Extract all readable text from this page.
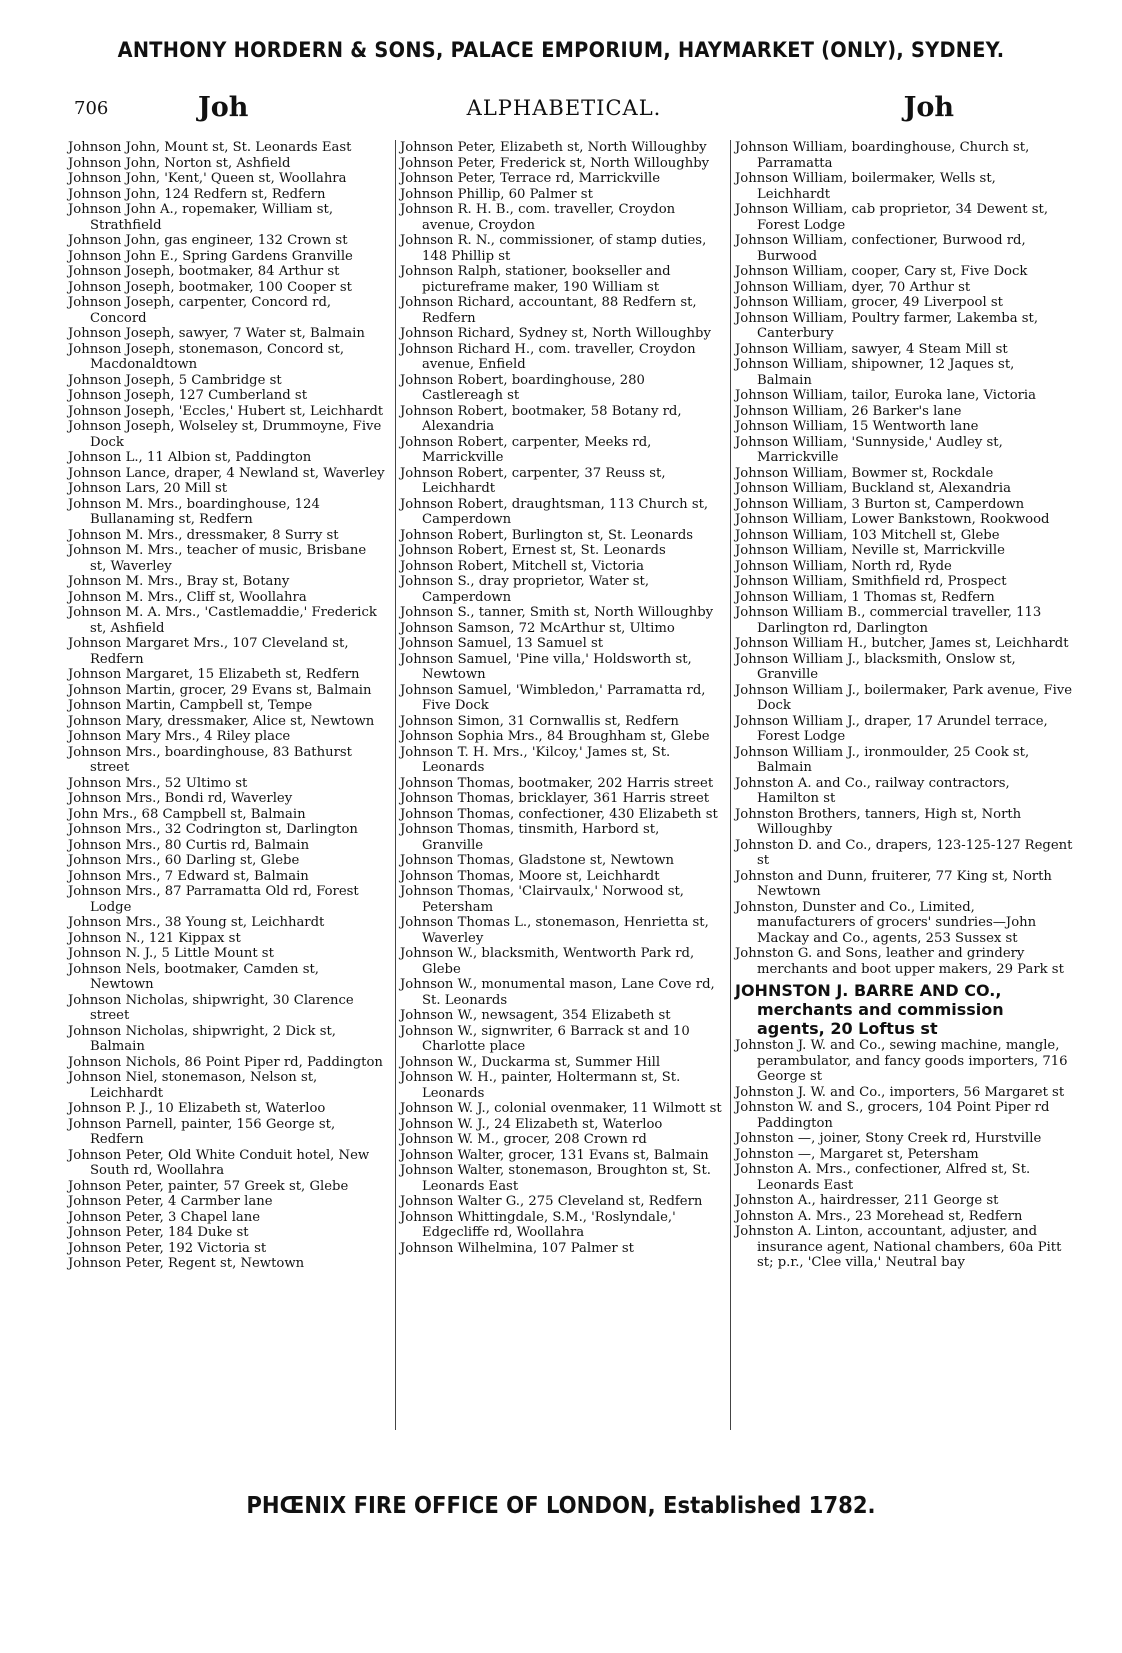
ANTHONY HORDERN & SONS, PALACE EMPORIUM, HAYMARKET (ONLY), SYDNEY.
706	Joh	ALPHABETICAL.	Joh

Johnson John, Mount st, St. Leonards East

Johnson John, Norton st, Ashfield

Johnson John, 'Kent,' Queen st, Woollahra

Johnson John, 124 Redfern st, Redfern

Johnson John A., ropemaker, William st, Strathfield

Johnson John, gas engineer, 132 Crown st

Johnson John E., Spring Gardens Granville

Johnson Joseph, bootmaker, 84 Arthur st

Johnson Joseph, bootmaker, 100 Cooper st

Johnson Joseph, carpenter, Concord rd, Concord

Johnson Joseph, sawyer, 7 Water st, Balmain

Johnson Joseph, stonemason, Concord st, Macdonaldtown

Johnson Joseph, 5 Cambridge st

Johnson Joseph, 127 Cumberland st

Johnson Joseph, 'Eccles,' Hubert st, Leichhardt

Johnson Joseph, Wolseley st, Drummoyne, Five Dock

Johnson L., 11 Albion st, Paddington

Johnson Lance, draper, 4 Newland st, Waverley

Johnson Lars, 20 Mill st

Johnson M. Mrs., boardinghouse, 124 Bullanaming st, Redfern

Johnson M. Mrs., dressmaker, 8 Surry st

Johnson M. Mrs., teacher of music, Brisbane st, Waverley

Johnson M. Mrs., Bray st, Botany

Johnson M. Mrs., Cliff st, Woollahra

Johnson M. A. Mrs., 'Castlemaddie,' Frederick st, Ashfield

Johnson Margaret Mrs., 107 Cleveland st, Redfern

Johnson Margaret, 15 Elizabeth st, Redfern

Johnson Martin, grocer, 29 Evans st, Balmain

Johnson Martin, Campbell st, Tempe

Johnson Mary, dressmaker, Alice st, Newtown

Johnson Mary Mrs., 4 Riley place

Johnson Mrs., boardinghouse, 83 Bathurst street

Johnson Mrs., 52 Ultimo st

Johnson Mrs., Bondi rd, Waverley

John Mrs., 68 Campbell st, Balmain

Johnson Mrs., 32 Codrington st, Darlington

Johnson Mrs., 80 Curtis rd, Balmain

Johnson Mrs., 60 Darling st, Glebe

Johnson Mrs., 7 Edward st, Balmain

Johnson Mrs., 87 Parramatta Old rd, Forest Lodge

Johnson Mrs., 38 Young st, Leichhardt

Johnson N., 121 Kippax st

Johnson N. J., 5 Little Mount st

Johnson Nels, bootmaker, Camden st, Newtown

Johnson Nicholas, shipwright, 30 Clarence street

Johnson Nicholas, shipwright, 2 Dick st, Balmain

Johnson Nichols, 86 Point Piper rd, Paddington

Johnson Niel, stonemason, Nelson st, Leichhardt

Johnson P. J., 10 Elizabeth st, Waterloo

Johnson Parnell, painter, 156 George st, Redfern

Johnson Peter, Old White Conduit hotel, New South rd, Woollahra

Johnson Peter, painter, 57 Greek st, Glebe

Johnson Peter, 4 Carmber lane

Johnson Peter, 3 Chapel lane

Johnson Peter, 184 Duke st

Johnson Peter, 192 Victoria st

Johnson Peter, Regent st, Newtown

Johnson Peter, Elizabeth st, North Willoughby

Johnson Peter, Frederick st, North Willoughby

Johnson Peter, Terrace rd, Marrickville

Johnson Phillip, 60 Palmer st

Johnson R. H. B., com. traveller, Croydon avenue, Croydon

Johnson R. N., commissioner, of stamp duties, 148 Phillip st

Johnson Ralph, stationer, bookseller and pictureframe maker, 190 William st

Johnson Richard, accountant, 88 Redfern st, Redfern

Johnson Richard, Sydney st, North Willoughby

Johnson Richard H., com. traveller, Croydon avenue, Enfield

Johnson Robert, boardinghouse, 280 Castlereagh st

Johnson Robert, bootmaker, 58 Botany rd, Alexandria

Johnson Robert, carpenter, Meeks rd, Marrickville

Johnson Robert, carpenter, 37 Reuss st, Leichhardt

Johnson Robert, draughtsman, 113 Church st, Camperdown

Johnson Robert, Burlington st, St. Leonards

Johnson Robert, Ernest st, St. Leonards

Johnson Robert, Mitchell st, Victoria

Johnson S., dray proprietor, Water st, Camperdown

Johnson S., tanner, Smith st, North Willoughby

Johnson Samson, 72 McArthur st, Ultimo

Johnson Samuel, 13 Samuel st

Johnson Samuel, 'Pine villa,' Holdsworth st, Newtown

Johnson Samuel, 'Wimbledon,' Parramatta rd, Five Dock

Johnson Simon, 31 Cornwallis st, Redfern

Johnson Sophia Mrs., 84 Broughham st, Glebe

Johnson T. H. Mrs., 'Kilcoy,' James st, St. Leonards

Johnson Thomas, bootmaker, 202 Harris street

Johnson Thomas, bricklayer, 361 Harris street

Johnson Thomas, confectioner, 430 Elizabeth st

Johnson Thomas, tinsmith, Harbord st, Granville

Johnson Thomas, Gladstone st, Newtown

Johnson Thomas, Moore st, Leichhardt

Johnson Thomas, 'Clairvaulx,' Norwood st, Petersham

Johnson Thomas L., stonemason, Henrietta st, Waverley

Johnson W., blacksmith, Wentworth Park rd, Glebe

Johnson W., monumental mason, Lane Cove rd, St. Leonards

Johnson W., newsagent, 354 Elizabeth st

Johnson W., signwriter, 6 Barrack st and 10 Charlotte place

Johnson W., Duckarma st, Summer Hill

Johnson W. H., painter, Holtermann st, St. Leonards

Johnson W. J., colonial ovenmaker, 11 Wilmott st

Johnson W. J., 24 Elizabeth st, Waterloo

Johnson W. M., grocer, 208 Crown rd

Johnson Walter, grocer, 131 Evans st, Balmain

Johnson Walter, stonemason, Broughton st, St. Leonards East

Johnson Walter G., 275 Cleveland st, Redfern

Johnson Whittingdale, S.M., 'Roslyndale,' Edgecliffe rd, Woollahra

Johnson Wilhelmina, 107 Palmer st

Johnson William, boardinghouse, Church st, Parramatta

Johnson William, boilermaker, Wells st, Leichhardt

Johnson William, cab proprietor, 34 Dewent st, Forest Lodge

Johnson William, confectioner, Burwood rd, Burwood

Johnson William, cooper, Cary st, Five Dock

Johnson William, dyer, 70 Arthur st

Johnson William, grocer, 49 Liverpool st

Johnson William, Poultry farmer, Lakemba st, Canterbury

Johnson William, sawyer, 4 Steam Mill st

Johnson William, shipowner, 12 Jaques st, Balmain

Johnson William, tailor, Euroka lane, Victoria

Johnson William, 26 Barker's lane

Johnson William, 15 Wentworth lane

Johnson William, 'Sunnyside,' Audley st, Marrickville

Johnson William, Bowmer st, Rockdale

Johnson William, Buckland st, Alexandria

Johnson William, 3 Burton st, Camperdown

Johnson William, Lower Bankstown, Rookwood

Johnson William, 103 Mitchell st, Glebe

Johnson William, Neville st, Marrickville

Johnson William, North rd, Ryde

Johnson William, Smithfield rd, Prospect

Johnson William, 1 Thomas st, Redfern

Johnson William B., commercial traveller, 113 Darlington rd, Darlington

Johnson William H., butcher, James st, Leichhardt

Johnson William J., blacksmith, Onslow st, Granville

Johnson William J., boilermaker, Park avenue, Five Dock

Johnson William J., draper, 17 Arundel terrace, Forest Lodge

Johnson William J., ironmoulder, 25 Cook st, Balmain

Johnston A. and Co., railway contractors, Hamilton st

Johnston Brothers, tanners, High st, North Willoughby

Johnston D. and Co., drapers, 123-125-127 Regent st

Johnston and Dunn, fruiterer, 77 King st, North Newtown

Johnston, Dunster and Co., Limited, manufacturers of grocers' sundries—John Mackay and Co., agents, 253 Sussex st

Johnston G. and Sons, leather and grindery merchants and boot upper makers, 29 Park st

JOHNSTON J. BARRE AND CO., merchants and commission agents, 20 Loftus st

Johnston J. W. and Co., sewing machine, mangle, perambulator, and fancy goods importers, 716 George st

Johnston J. W. and Co., importers, 56 Margaret st

Johnston W. and S., grocers, 104 Point Piper rd Paddington

Johnston —, joiner, Stony Creek rd, Hurstville

Johnston —, Margaret st, Petersham

Johnston A. Mrs., confectioner, Alfred st, St. Leonards East

Johnston A., hairdresser, 211 George st

Johnston A. Mrs., 23 Morehead st, Redfern

Johnston A. Linton, accountant, adjuster, and insurance agent, National chambers, 60a Pitt st; p.r., 'Clee villa,' Neutral bay

PHŒNIX FIRE OFFICE OF LONDON, Established 1782.
